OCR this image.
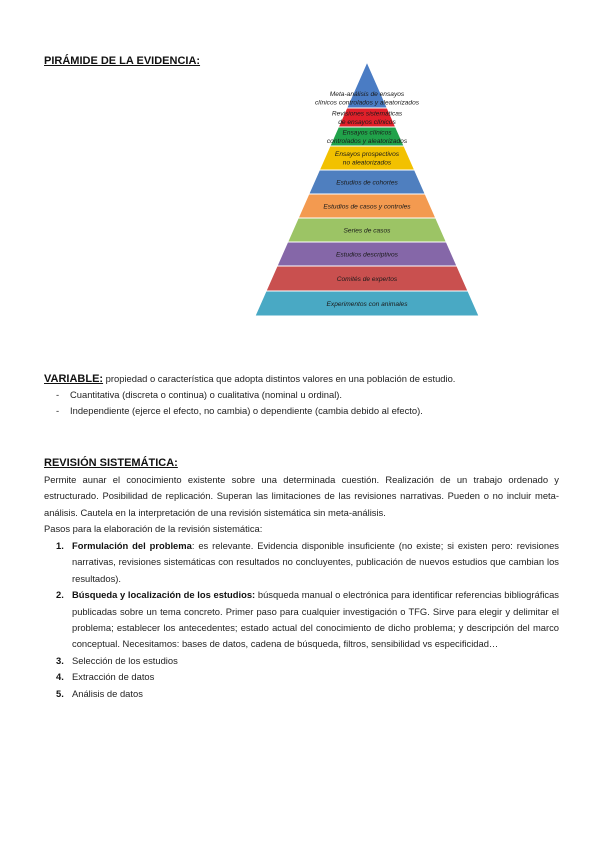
PIRÁMIDE DE LA EVIDENCIA:
Meta-análisis de ensayos
clínicos controlados y aleatorizados
Revisiones sistemáticas
de ensayos clínicos
Ensayos clínicos
controlados y aleatorizados
Ensayos prospectivos
no aleatorizados
Estudios de cohortes
Estudios de casos y controles
Series de casos
Estudios descriptivos
Comités de expertos
Experimentos con animales
VARIABLE: propiedad o característica que adopta distintos valores en una población de estudio.
- Cuantitativa (discreta o continua) o cualitativa (nominal u ordinal).
- Independiente (ejerce el efecto, no cambia) o dependiente (cambia debido al efecto).
REVISIÓN SISTEMÁTICA:
Permite aunar el conocimiento existente sobre una determinada cuestión. Realización de un trabajo ordenado y estructurado. Posibilidad de replicación. Superan las limitaciones de las revisiones narrativas. Pueden o no incluir meta-análisis. Cautela en la interpretación de una revisión sistemática sin meta-análisis.
Pasos para la elaboración de la revisión sistemática:
1. Formulación del problema: es relevante. Evidencia disponible insuficiente (no existe; si existen pero: revisiones narrativas, revisiones sistemáticas con resultados no concluyentes, publicación de nuevos estudios que cambian los resultados).
2. Búsqueda y localización de los estudios: búsqueda manual o electrónica para identificar referencias bibliográficas publicadas sobre un tema concreto. Primer paso para cualquier investigación o TFG. Sirve para elegir y delimitar el problema; establecer los antecedentes; estado actual del conocimiento de dicho problema; y descripción del marco conceptual. Necesitamos: bases de datos, cadena de búsqueda, filtros, sensibilidad vs especificidad…
3. Selección de los estudios
4. Extracción de datos
5. Análisis de datos
